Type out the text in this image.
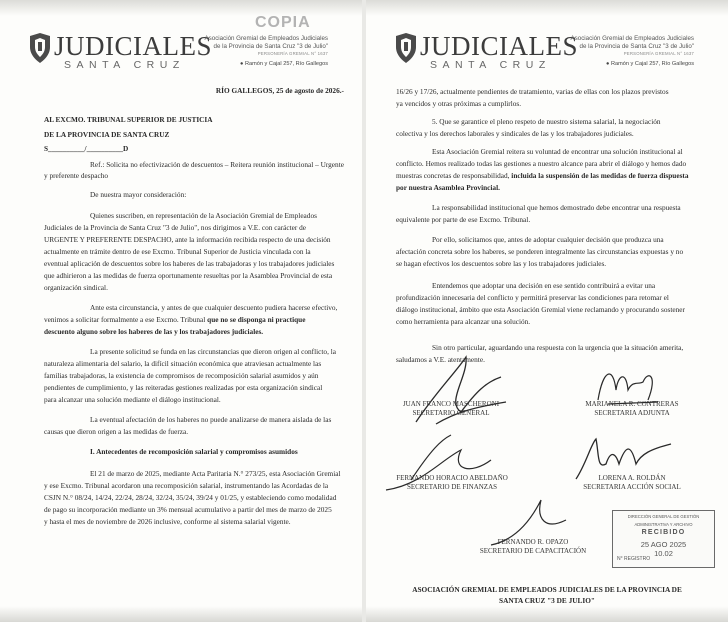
COPIA
JUDICIALES
SANTA CRUZ
Asociación Gremial de Empleados Judiciales
de la Provincia de Santa Cruz "3 de Julio"
PERSONERÍA GREMIAL N° 1637
● Ramón y Cajal 257, Río Gallegos
RÍO GALLEGOS, 25 de agosto de 2026.-
AL EXCMO. TRIBUNAL SUPERIOR DE JUSTICIA
DE LA PROVINCIA DE SANTA CRUZ
S__________/__________D
Ref.: Solicita no efectivización de descuentos – Reitera reunión institucional – Urgente
y preferente despacho
De nuestra mayor consideración:
Quienes suscriben, en representación de la Asociación Gremial de Empleados
Judiciales de la Provincia de Santa Cruz "3 de Julio", nos dirigimos a V.E. con carácter de
URGENTE Y PREFERENTE DESPACHO, ante la información recibida respecto de una decisión
actualmente en trámite dentro de ese Excmo. Tribunal Superior de Justicia vinculada con la
eventual aplicación de descuentos sobre los haberes de las trabajadoras y los trabajadores judiciales
que adhirieron a las medidas de fuerza oportunamente resueltas por la Asamblea Provincial de esta
organización sindical.
Ante esta circunstancia, y antes de que cualquier descuento pudiera hacerse efectivo,
venimos a solicitar formalmente a ese Excmo. Tribunal que no se disponga ni practique
descuento alguno sobre los haberes de las y los trabajadores judiciales.
La presente solicitud se funda en las circunstancias que dieron origen al conflicto, la
naturaleza alimentaria del salario, la difícil situación económica que atraviesan actualmente las
familias trabajadoras, la existencia de compromisos de recomposición salarial asumidos y aún
pendientes de cumplimiento, y las reiteradas gestiones realizadas por esta organización sindical
para alcanzar una solución mediante el diálogo institucional.
La eventual afectación de los haberes no puede analizarse de manera aislada de las
causas que dieron origen a las medidas de fuerza.
I. Antecedentes de recomposición salarial y compromisos asumidos
El 21 de marzo de 2025, mediante Acta Paritaria N.° 273/25, esta Asociación Gremial
y ese Excmo. Tribunal acordaron una recomposición salarial, instrumentando las Acordadas de la
CSJN N.° 08/24, 14/24, 22/24, 28/24, 32/24, 35/24, 39/24 y 01/25, y estableciendo como modalidad
de pago su incorporación mediante un 3% mensual acumulativo a partir del mes de marzo de 2025
y hasta el mes de noviembre de 2026 inclusive, conforme al sistema salarial vigente.
JUDICIALES
SANTA CRUZ
Asociación Gremial de Empleados Judiciales
de la Provincia de Santa Cruz "3 de Julio"
PERSONERÍA GREMIAL N° 1637
● Ramón y Cajal 257, Río Gallegos
16/26 y 17/26, actualmente pendientes de tratamiento, varias de ellas con los plazos previstos
ya vencidos y otras próximas a cumplirlos.
5. Que se garantice el pleno respeto de nuestro sistema salarial, la negociación
colectiva y los derechos laborales y sindicales de las y los trabajadores judiciales.
Esta Asociación Gremial reitera su voluntad de encontrar una solución institucional al
conflicto. Hemos realizado todas las gestiones a nuestro alcance para abrir el diálogo y hemos dado
muestras concretas de responsabilidad, incluida la suspensión de las medidas de fuerza dispuesta
por nuestra Asamblea Provincial.
La responsabilidad institucional que hemos demostrado debe encontrar una respuesta
equivalente por parte de ese Excmo. Tribunal.
Por ello, solicitamos que, antes de adoptar cualquier decisión que produzca una
afectación concreta sobre los haberes, se ponderen integralmente las circunstancias expuestas y no
se hagan efectivos los descuentos sobre las y los trabajadores judiciales.
Entendemos que adoptar una decisión en ese sentido contribuirá a evitar una
profundización innecesaria del conflicto y permitirá preservar las condiciones para retomar el
diálogo institucional, ámbito que esta Asociación Gremial viene reclamando y procurando sostener
como herramienta para alcanzar una solución.
Sin otro particular, aguardando una respuesta con la urgencia que la situación amerita,
saludamos a V.E. atentamente.
JUAN FRANCO MASCHERONI
SECRETARIO GENERAL
MARIANELA R. CONTRERAS
SECRETARIA ADJUNTA
FERNANDO HORACIO ABELDAÑO
SECRETARIO DE FINANZAS
LORENA A. ROLDÁN
SECRETARIA ACCIÓN SOCIAL
FERNANDO R. OPAZO
SECRETARIO DE CAPACITACIÓN
DIRECCIÓN GENERAL DE GESTIÓN
ADMINISTRATIVA Y ARCHIVO
RECIBIDO
25 AGO 2025
10.02
N° REGISTRO
ASOCIACIÓN GREMIAL DE EMPLEADOS JUDICIALES DE LA PROVINCIA DE
SANTA CRUZ "3 DE JULIO"
